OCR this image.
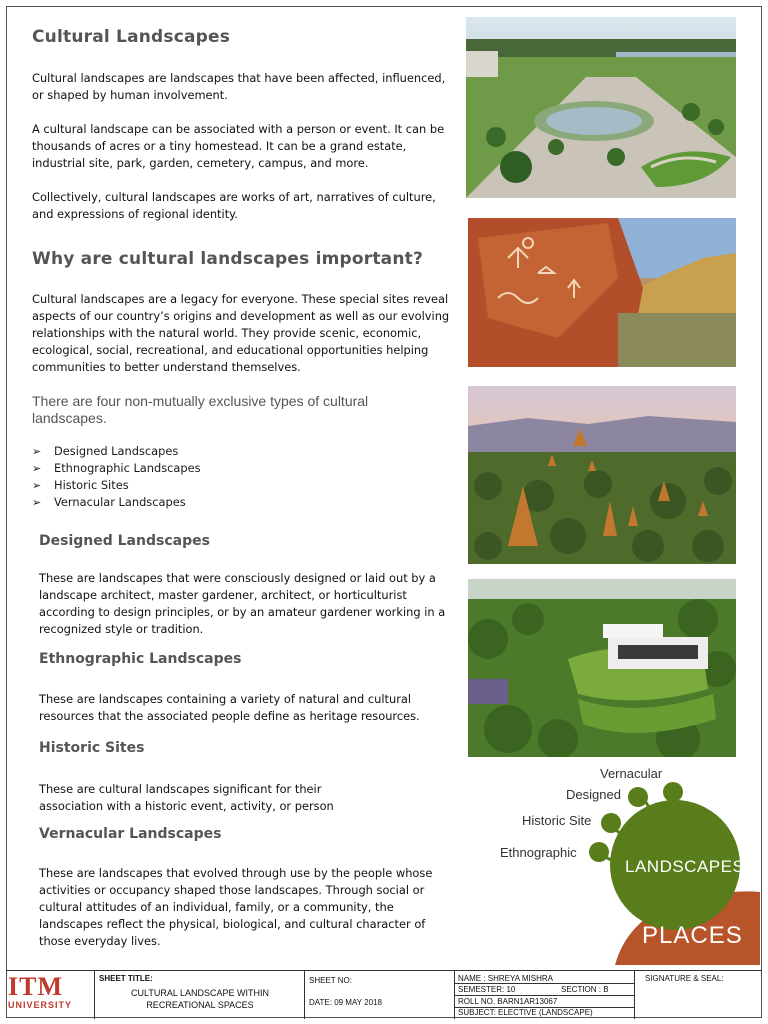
Cultural Landscapes

Cultural landscapes are landscapes that have been affected, influenced, or shaped by human involvement.

A cultural landscape can be associated with a person or event. It can be thousands of acres or a tiny homestead. It can be a grand estate, industrial site, park, garden, cemetery, campus, and more.

Collectively, cultural landscapes are works of art, narratives of culture, and expressions of regional identity.

Why are cultural landscapes important?
Cultural landscapes are a legacy for everyone. These special sites reveal aspects of our country’s origins and development as well as our evolving relationships with the natural world. They provide scenic, economic, ecological, social, recreational, and educational opportunities helping communities to better understand themselves.
There are four non-mutually exclusive types of cultural landscapes.
➢ Designed Landscapes
➢ Ethnographic Landscapes
➢ Historic Sites
➢ Vernacular Landscapes
Designed Landscapes
These are landscapes that were consciously designed or laid out by a landscape architect, master gardener, architect, or horticulturist according to design principles, or by an amateur gardener working in a recognized style or tradition.
Ethnographic Landscapes
These are landscapes containing a variety of natural and cultural resources that the associated people define as heritage resources.
Historic Sites
These are cultural landscapes significant for their
association with a historic event, activity, or person
Vernacular Landscapes
These are landscapes that evolved through use by the people whose activities or occupancy shaped those landscapes. Through social or cultural attitudes of an individual, family, or a community, the landscapes reflect the physical, biological, and cultural character of those everyday lives.
Vernacular
Designed
Historic Site
Ethnographic
LANDSCAPES
PLACES
ITM
UNIVERSITY
SHEET TITLE:
CULTURAL LANDSCAPE WITHIN
RECREATIONAL SPACES
SHEET NO:
DATE: 09 MAY 2018
NAME : SHREYA MISHRA
SEMESTER: 10	SECTION : B
ROLL NO. BARN1AR13067
SUBJECT: ELECTIVE (LANDSCAPE)
SIGNATURE & SEAL:
